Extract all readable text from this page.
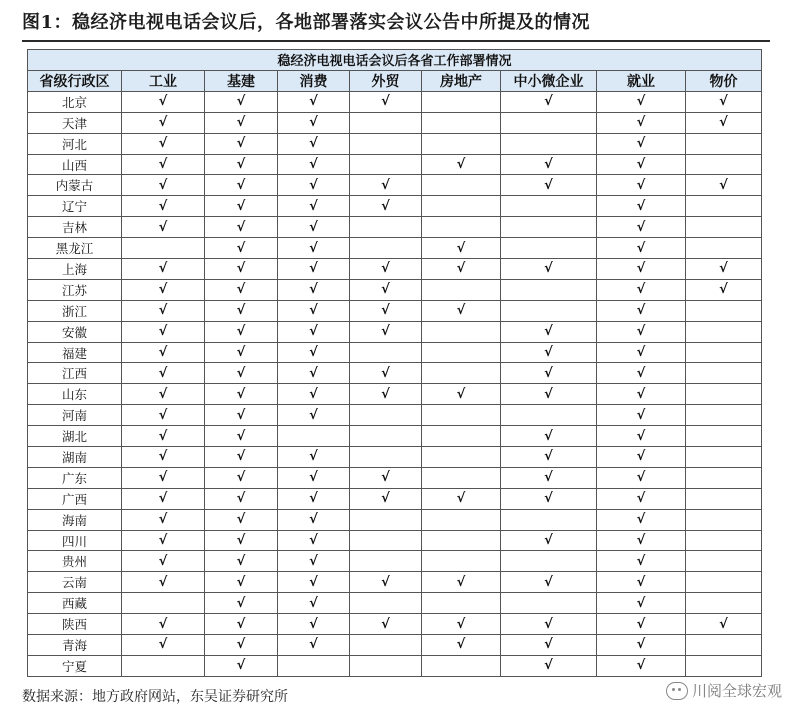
图1：稳经济电视电话会议后，各地部署落实会议公告中所提及的情况
稳经济电视电话会议后各省工作部署情况								
省级行政区	工业	基建	消费	外贸	房地产	中小微企业	就业	物价
北京	√	√	√	√		√	√	√
天津	√	√	√				√	√
河北	√	√	√				√	
山西	√	√	√		√	√	√	
内蒙古	√	√	√	√		√	√	√
辽宁	√	√	√	√			√	
吉林	√	√	√				√	
黑龙江		√	√		√		√	
上海	√	√	√	√	√	√	√	√
江苏	√	√	√	√			√	√
浙江	√	√	√	√	√		√	
安徽	√	√	√	√		√	√	
福建	√	√	√			√	√	
江西	√	√	√	√		√	√	
山东	√	√	√	√	√	√	√	
河南	√	√	√				√	
湖北	√	√				√	√	
湖南	√	√	√			√	√	
广东	√	√	√	√		√	√	
广西	√	√	√	√	√	√	√	
海南	√	√	√				√	
四川	√	√	√			√	√	
贵州	√	√	√				√	
云南	√	√	√	√	√	√	√	
西藏		√	√				√	
陕西	√	√	√	√	√	√	√	√
青海	√	√	√		√	√	√	
宁夏		√				√	√	
数据来源：地方政府网站，东吴证券研究所	川阅全球宏观
